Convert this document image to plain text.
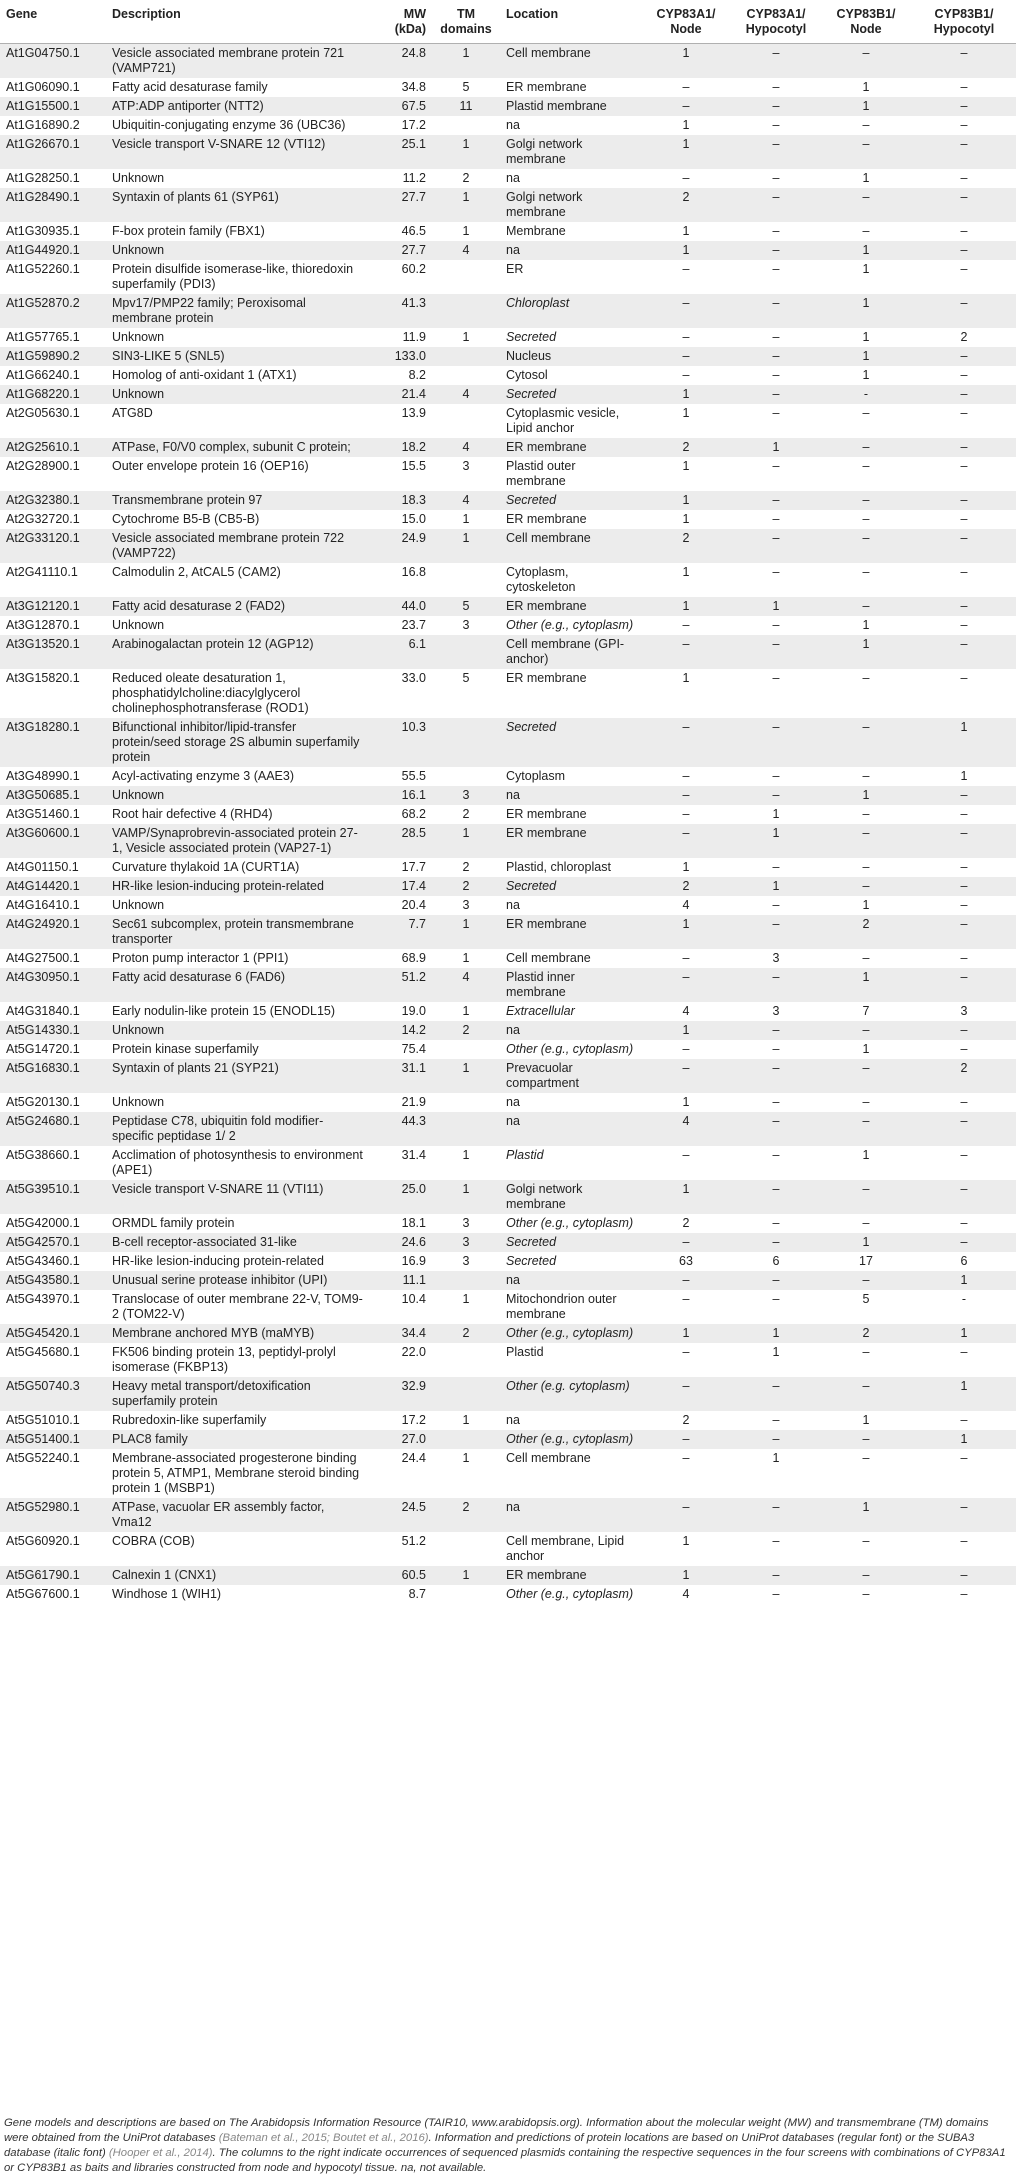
Gene	Description	MW (kDa)	TM domains	Location	CYP83A1/ Node	CYP83A1/ Hypocotyl	CYP83B1/ Node	CYP83B1/ Hypocotyl
At1G04750.1	Vesicle associated membrane protein 721 (VAMP721)	24.8	1	Cell membrane	1	–	–	–
At1G06090.1	Fatty acid desaturase family	34.8	5	ER membrane	–	–	1	–
At1G15500.1	ATP:ADP antiporter (NTT2)	67.5	11	Plastid membrane	–	–	1	–
At1G16890.2	Ubiquitin-conjugating enzyme 36 (UBC36)	17.2		na	1	–	–	–
At1G26670.1	Vesicle transport V-SNARE 12 (VTI12)	25.1	1	Golgi network membrane	1	–	–	–
At1G28250.1	Unknown	11.2	2	na	–	–	1	–
At1G28490.1	Syntaxin of plants 61 (SYP61)	27.7	1	Golgi network membrane	2	–	–	–
At1G30935.1	F-box protein family (FBX1)	46.5	1	Membrane	1	–	–	–
At1G44920.1	Unknown	27.7	4	na	1	–	1	–
At1G52260.1	Protein disulfide isomerase-like, thioredoxin superfamily (PDI3)	60.2		ER	–	–	1	–
At1G52870.2	Mpv17/PMP22 family; Peroxisomal membrane protein	41.3		Chloroplast	–	–	1	–
At1G57765.1	Unknown	11.9	1	Secreted	–	–	1	2
At1G59890.2	SIN3-LIKE 5 (SNL5)	133.0		Nucleus	–	–	1	–
At1G66240.1	Homolog of anti-oxidant 1 (ATX1)	8.2		Cytosol	–	–	1	–
At1G68220.1	Unknown	21.4	4	Secreted	1	–	-	–
At2G05630.1	ATG8D	13.9		Cytoplasmic vesicle, Lipid anchor	1	–	–	–
At2G25610.1	ATPase, F0/V0 complex, subunit C protein;	18.2	4	ER membrane	2	1	–	–
At2G28900.1	Outer envelope protein 16 (OEP16)	15.5	3	Plastid outer membrane	1	–	–	–
At2G32380.1	Transmembrane protein 97	18.3	4	Secreted	1	–	–	–
At2G32720.1	Cytochrome B5-B (CB5-B)	15.0	1	ER membrane	1	–	–	–
At2G33120.1	Vesicle associated membrane protein 722 (VAMP722)	24.9	1	Cell membrane	2	–	–	–
At2G41110.1	Calmodulin 2, AtCAL5 (CAM2)	16.8		Cytoplasm, cytoskeleton	1	–	–	–
At3G12120.1	Fatty acid desaturase 2 (FAD2)	44.0	5	ER membrane	1	1	–	–
At3G12870.1	Unknown	23.7	3	Other (e.g., cytoplasm)	–	–	1	–
At3G13520.1	Arabinogalactan protein 12 (AGP12)	6.1		Cell membrane (GPI-anchor)	–	–	1	–
At3G15820.1	Reduced oleate desaturation 1, phosphatidylcholine:diacylglycerol cholinephosphotransferase (ROD1)	33.0	5	ER membrane	1	–	–	–
At3G18280.1	Bifunctional inhibitor/lipid-transfer protein/seed storage 2S albumin superfamily protein	10.3		Secreted	–	–	–	1
At3G48990.1	Acyl-activating enzyme 3 (AAE3)	55.5		Cytoplasm	–	–	–	1
At3G50685.1	Unknown	16.1	3	na	–	–	1	–
At3G51460.1	Root hair defective 4 (RHD4)	68.2	2	ER membrane	–	1	–	–
At3G60600.1	VAMP/Synaprobrevin-associated protein 27-1, Vesicle associated protein (VAP27-1)	28.5	1	ER membrane	–	1	–	–
At4G01150.1	Curvature thylakoid 1A (CURT1A)	17.7	2	Plastid, chloroplast	1	–	–	–
At4G14420.1	HR-like lesion-inducing protein-related	17.4	2	Secreted	2	1	–	–
At4G16410.1	Unknown	20.4	3	na	4	–	1	–
At4G24920.1	Sec61 subcomplex, protein transmembrane transporter	7.7	1	ER membrane	1	–	2	–
At4G27500.1	Proton pump interactor 1 (PPI1)	68.9	1	Cell membrane	–	3	–	–
At4G30950.1	Fatty acid desaturase 6 (FAD6)	51.2	4	Plastid inner membrane	–	–	1	–
At4G31840.1	Early nodulin-like protein 15 (ENODL15)	19.0	1	Extracellular	4	3	7	3
At5G14330.1	Unknown	14.2	2	na	1	–	–	–
At5G14720.1	Protein kinase superfamily	75.4		Other (e.g., cytoplasm)	–	–	1	–
At5G16830.1	Syntaxin of plants 21 (SYP21)	31.1	1	Prevacuolar compartment	–	–	–	2
At5G20130.1	Unknown	21.9		na	1	–	–	–
At5G24680.1	Peptidase C78, ubiquitin fold modifier-specific peptidase 1/ 2	44.3		na	4	–	–	–
At5G38660.1	Acclimation of photosynthesis to environment (APE1)	31.4	1	Plastid	–	–	1	–
At5G39510.1	Vesicle transport V-SNARE 11 (VTI11)	25.0	1	Golgi network membrane	1	–	–	–
At5G42000.1	ORMDL family protein	18.1	3	Other (e.g., cytoplasm)	2	–	–	–
At5G42570.1	B-cell receptor-associated 31-like	24.6	3	Secreted	–	–	1	–
At5G43460.1	HR-like lesion-inducing protein-related	16.9	3	Secreted	63	6	17	6
At5G43580.1	Unusual serine protease inhibitor (UPI)	11.1		na	–	–	–	1
At5G43970.1	Translocase of outer membrane 22-V, TOM9-2 (TOM22-V)	10.4	1	Mitochondrion outer membrane	–	–	5	-
At5G45420.1	Membrane anchored MYB (maMYB)	34.4	2	Other (e.g., cytoplasm)	1	1	2	1
At5G45680.1	FK506 binding protein 13, peptidyl-prolyl isomerase (FKBP13)	22.0		Plastid	–	1	–	–
At5G50740.3	Heavy metal transport/detoxification superfamily protein	32.9		Other (e.g. cytoplasm)	–	–	–	1
At5G51010.1	Rubredoxin-like superfamily	17.2	1	na	2	–	1	–
At5G51400.1	PLAC8 family	27.0		Other (e.g., cytoplasm)	–	–	–	1
At5G52240.1	Membrane-associated progesterone binding protein 5, ATMP1, Membrane steroid binding protein 1 (MSBP1)	24.4	1	Cell membrane	–	1	–	–
At5G52980.1	ATPase, vacuolar ER assembly factor, Vma12	24.5	2	na	–	–	1	–
At5G60920.1	COBRA (COB)	51.2		Cell membrane, Lipid anchor	1	–	–	–
At5G61790.1	Calnexin 1 (CNX1)	60.5	1	ER membrane	1	–	–	–
At5G67600.1	Windhose 1 (WIH1)	8.7		Other (e.g., cytoplasm)	4	–	–	–

Gene models and descriptions are based on The Arabidopsis Information Resource (TAIR10, www.arabidopsis.org). Information about the molecular weight (MW) and transmembrane (TM) domains were obtained from the UniProt databases (Bateman et al., 2015; Boutet et al., 2016). Information and predictions of protein locations are based on UniProt databases (regular font) or the SUBA3 database (italic font) (Hooper et al., 2014). The columns to the right indicate occurrences of sequenced plasmids containing the respective sequences in the four screens with combinations of CYP83A1 or CYP83B1 as baits and libraries constructed from node and hypocotyl tissue. na, not available.
